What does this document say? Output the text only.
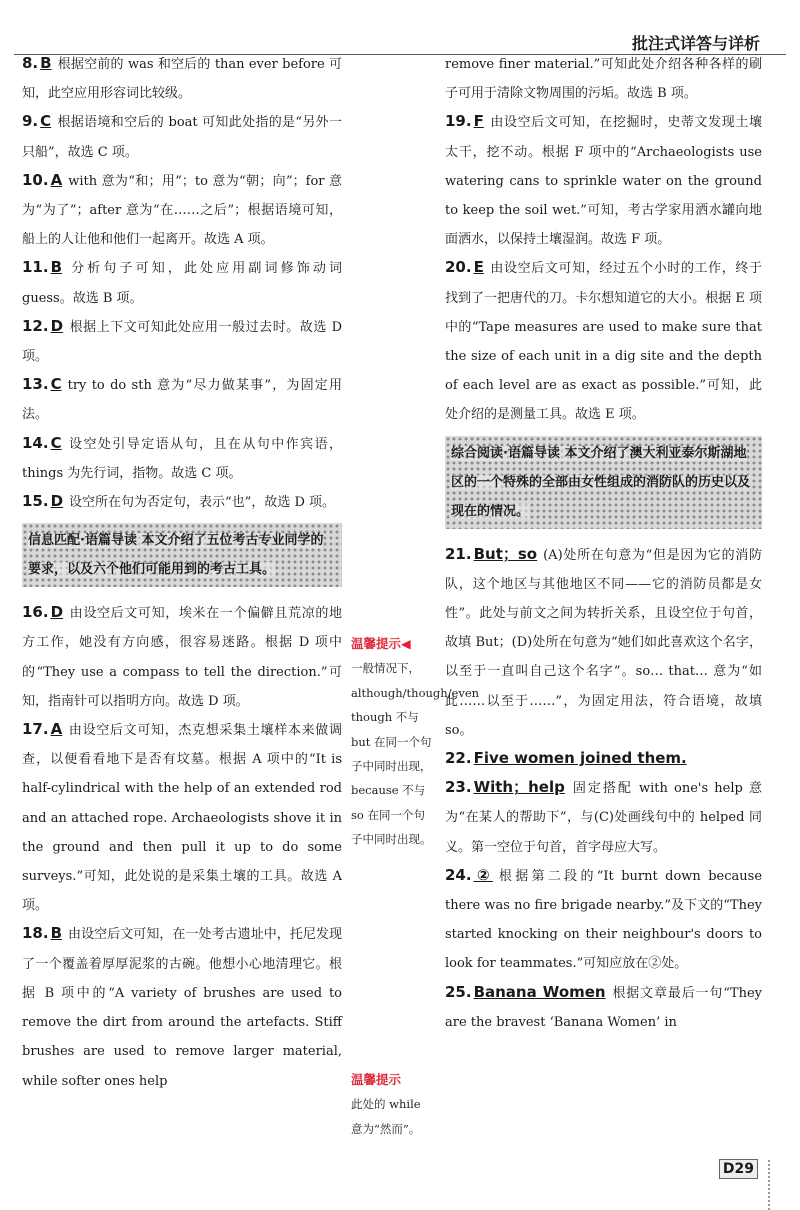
批注式详答与详析
8. B 根据空前的 was 和空后的 than ever before 可知，此空应用形容词比较级。
9. C 根据语境和空后的 boat 可知此处指的是“另外一只船”，故选 C 项。
10. A with 意为“和；用”；to 意为“朝；向”；for 意为“为了”；after 意为“在……之后”；根据语境可知，船上的人让他和他们一起离开。故选 A 项。
11. B 分析句子可知，此处应用副词修饰动词 guess。故选 B 项。
12. D 根据上下文可知此处应用一般过去时。故选 D 项。
13. C try to do sth 意为“尽力做某事”，为固定用法。
14. C 设空处引导定语从句，且在从句中作宾语，things 为先行词，指物。故选 C 项。
15. D 设空所在句为否定句，表示“也”，故选 D 项。
信息匹配·语篇导读 本文介绍了五位考古专业同学的要求，以及六个他们可能用到的考古工具。
16. D 由设空后文可知，埃米在一个偏僻且荒凉的地方工作，她没有方向感，很容易迷路。根据 D 项中的“They use a compass to tell the direction.”可知，指南针可以指明方向。故选 D 项。
17. A 由设空后文可知，杰克想采集土壤样本来做调查，以便看看地下是否有坟墓。根据 A 项中的“It is half-cylindrical with the help of an extended rod and an attached rope. Archaeologists shove it in the ground and then pull it up to do some surveys.”可知，此处说的是采集土壤的工具。故选 A 项。
18. B 由设空后文可知，在一处考古遗址中，托尼发现了一个覆盖着厚厚泥浆的古碗。他想小心地清理它。根据 B 项中的“A variety of brushes are used to remove the dirt from around the artefacts. Stiff brushes are used to remove larger material, while softer ones help
remove finer material.”可知此处介绍各种各样的刷子可用于清除文物周围的污垢。故选 B 项。
19. F 由设空后文可知，在挖掘时，史蒂文发现土壤太干，挖不动。根据 F 项中的“Archaeologists use watering cans to sprinkle water on the ground to keep the soil wet.”可知，考古学家用洒水罐向地面洒水，以保持土壤湿润。故选 F 项。
20. E 由设空后文可知，经过五个小时的工作，终于找到了一把唐代的刀。卡尔想知道它的大小。根据 E 项中的“Tape measures are used to make sure that the size of each unit in a dig site and the depth of each level are as exact as possible.”可知，此处介绍的是测量工具。故选 E 项。
综合阅读·语篇导读 本文介绍了澳大利亚泰尔斯湖地区的一个特殊的全部由女性组成的消防队的历史以及现在的情况。
21. But；so (A)处所在句意为“但是因为它的消防队，这个地区与其他地区不同——它的消防员都是女性”。此处与前文之间为转折关系，且设空位于句首，故填 But；(D)处所在句意为“她们如此喜欢这个名字，以至于一直叫自己这个名字”。so… that… 意为“如此……以至于……”，为固定用法，符合语境，故填 so。
22. Five women joined them.
23. With；help 固定搭配 with one's help 意为“在某人的帮助下”，与(C)处画线句中的 helped 同义。第一空位于句首，首字母应大写。
24. ② 根据第二段的“It burnt down because there was no fire brigade nearby.”及下文的“They started knocking on their neighbour's doors to look for teammates.”可知应放在②处。
25. Banana Women 根据文章最后一句“They are the bravest ‘Banana Women’ in
温馨提示◀
一般情况下，although/though/even though 不与 but 在同一个句子中同时出现，because 不与 so 在同一个句子中同时出现。
温馨提示
此处的 while 意为“然而”。
D29
